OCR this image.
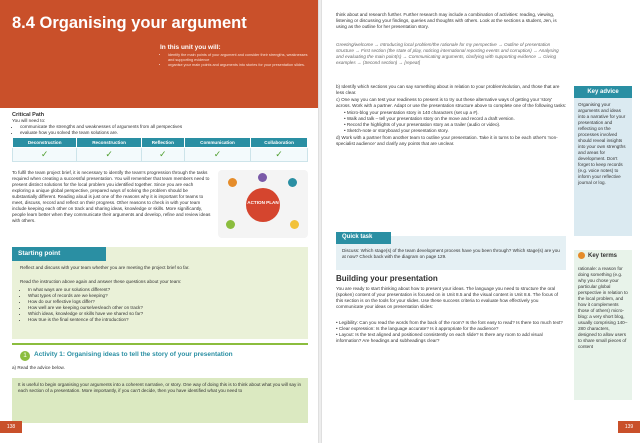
8.4 Organising your argument
In this unit you will:
• identify the main points of your argument and consider their strengths, weaknesses and supporting evidence
• organise your main points and arguments into stories for your presentation slides.
Critical Path
You will need to:
• communicate the strengths and weaknesses of arguments from all perspectives
• evaluate how you solved the team solutions are.
Deconstruction	Reconstruction	Reflection	Communication	Collaboration
✓	✓	✓	✓	✓
To fulfil the team project brief, it is necessary to identify the team's progression through the tasks required when creating a successful presentation. You will remember that team members need to present distinct solutions for the local problem you identified together. Since you are each exploring a unique global perspective, prepared ways of solving the problem should be substantially different. Reading aloud is just one of the reasons why it is important for teams to meet, discuss, record and reflect on their progress. Other reasons to check in with your team include keeping each other on track and sharing ideas, knowledge or skills. More significantly, people learn better when they communicate their arguments and develop, refine and review ideas with others.
ACTION PLAN
Starting point
Reflect and discuss with your team whether you are meeting the project brief so far.
Read the instruction above again and answer these questions about your team:
• In what ways are our solutions different?
• What types of records are we keeping?
• How do our reflective logs differ?
• How well are we keeping ourselves/each other on track?
• Which ideas, knowledge or skills have we shared so far?
• How true is the final sentence of the introduction?
1	Activity 1: Organising ideas to tell the story of your presentation
a) Read the advice below.
It is useful to begin organising your arguments into a coherent narrative, or story. One way of doing this is to think about what you will say in each section of a presentation. More importantly, if you can't decide, then you have identified what you need to
138
think about and research further. Further research may include a combination of activities: reading, viewing, listening or discussing your findings, queries and thoughts with others. Look at the sections a student, Jen, is using as the outline for her presentation story.
Greeting/welcome → Introducing local problem/the rationale for my perspective → Outline of presentation structure → First section (the state of play, noticing international reporting events and corruption) → Analysing and evaluating the main point(s) → Communicating arguments, clarifying with supporting evidence → Giving examples → (Second section) → [repeat]
b) Identify which sections you can say something about in relation to your problem/solution, and those that are less clear.
c) One way you can test your readiness to present is to try out these alternative ways of getting your 'story' across. Work with a partner. Adapt or use the presentation structure above to complete one of the following tasks:
• Micro-blog your presentation story in 140 characters (set up a #).
• Walk and talk – tell your presentation story on the move and record a draft version.
• Record the highlights of your presentation story as a trailer (audio or video).
• Sketch-note or storyboard your presentation story.
d) Work with a partner from another team to outline your presentation. Take it in turns to be each other's 'non-specialist audience' and clarify any points that are unclear.
Key advice
Organising your arguments and ideas into a narrative for your presentation and reflecting on the processes involved should reveal insights into your own strengths and areas for development. Don't forget to keep records (e.g. voice notes) to inform your reflective journal or log.
Quick task
Discuss: Which stage(s) of the team development process have you been through? Which stage(s) are you at now? Check back with the diagram on page 129.
Building your presentation
You are ready to start thinking about how to present your ideas. The language you need to structure the oral (spoken) content of your presentation is focused on in Unit 8.5 and the visual content in Unit 8.6. The focus of this section is on the tools for your slides. Use these success criteria to evaluate how effectively you communicate your ideas on presentation slides:
• Legibility: Can you read the words from the back of the room? Is the font easy to read? Is there too much text?
• Clear expression: Is the language accurate? Is it appropriate for the audience?
• Layout: Is the text aligned and positioned consistently on each slide? Is there any room to add visual information? Are headings and subheadings clear?
Key terms
rationale: a reason for doing something (e.g. why you chose your particular global perspective in relation to the local problem, and how it complements those of others) micro-blog: a very short blog, usually comprising 140–280 characters, designed to allow users to share small pieces of content
139
